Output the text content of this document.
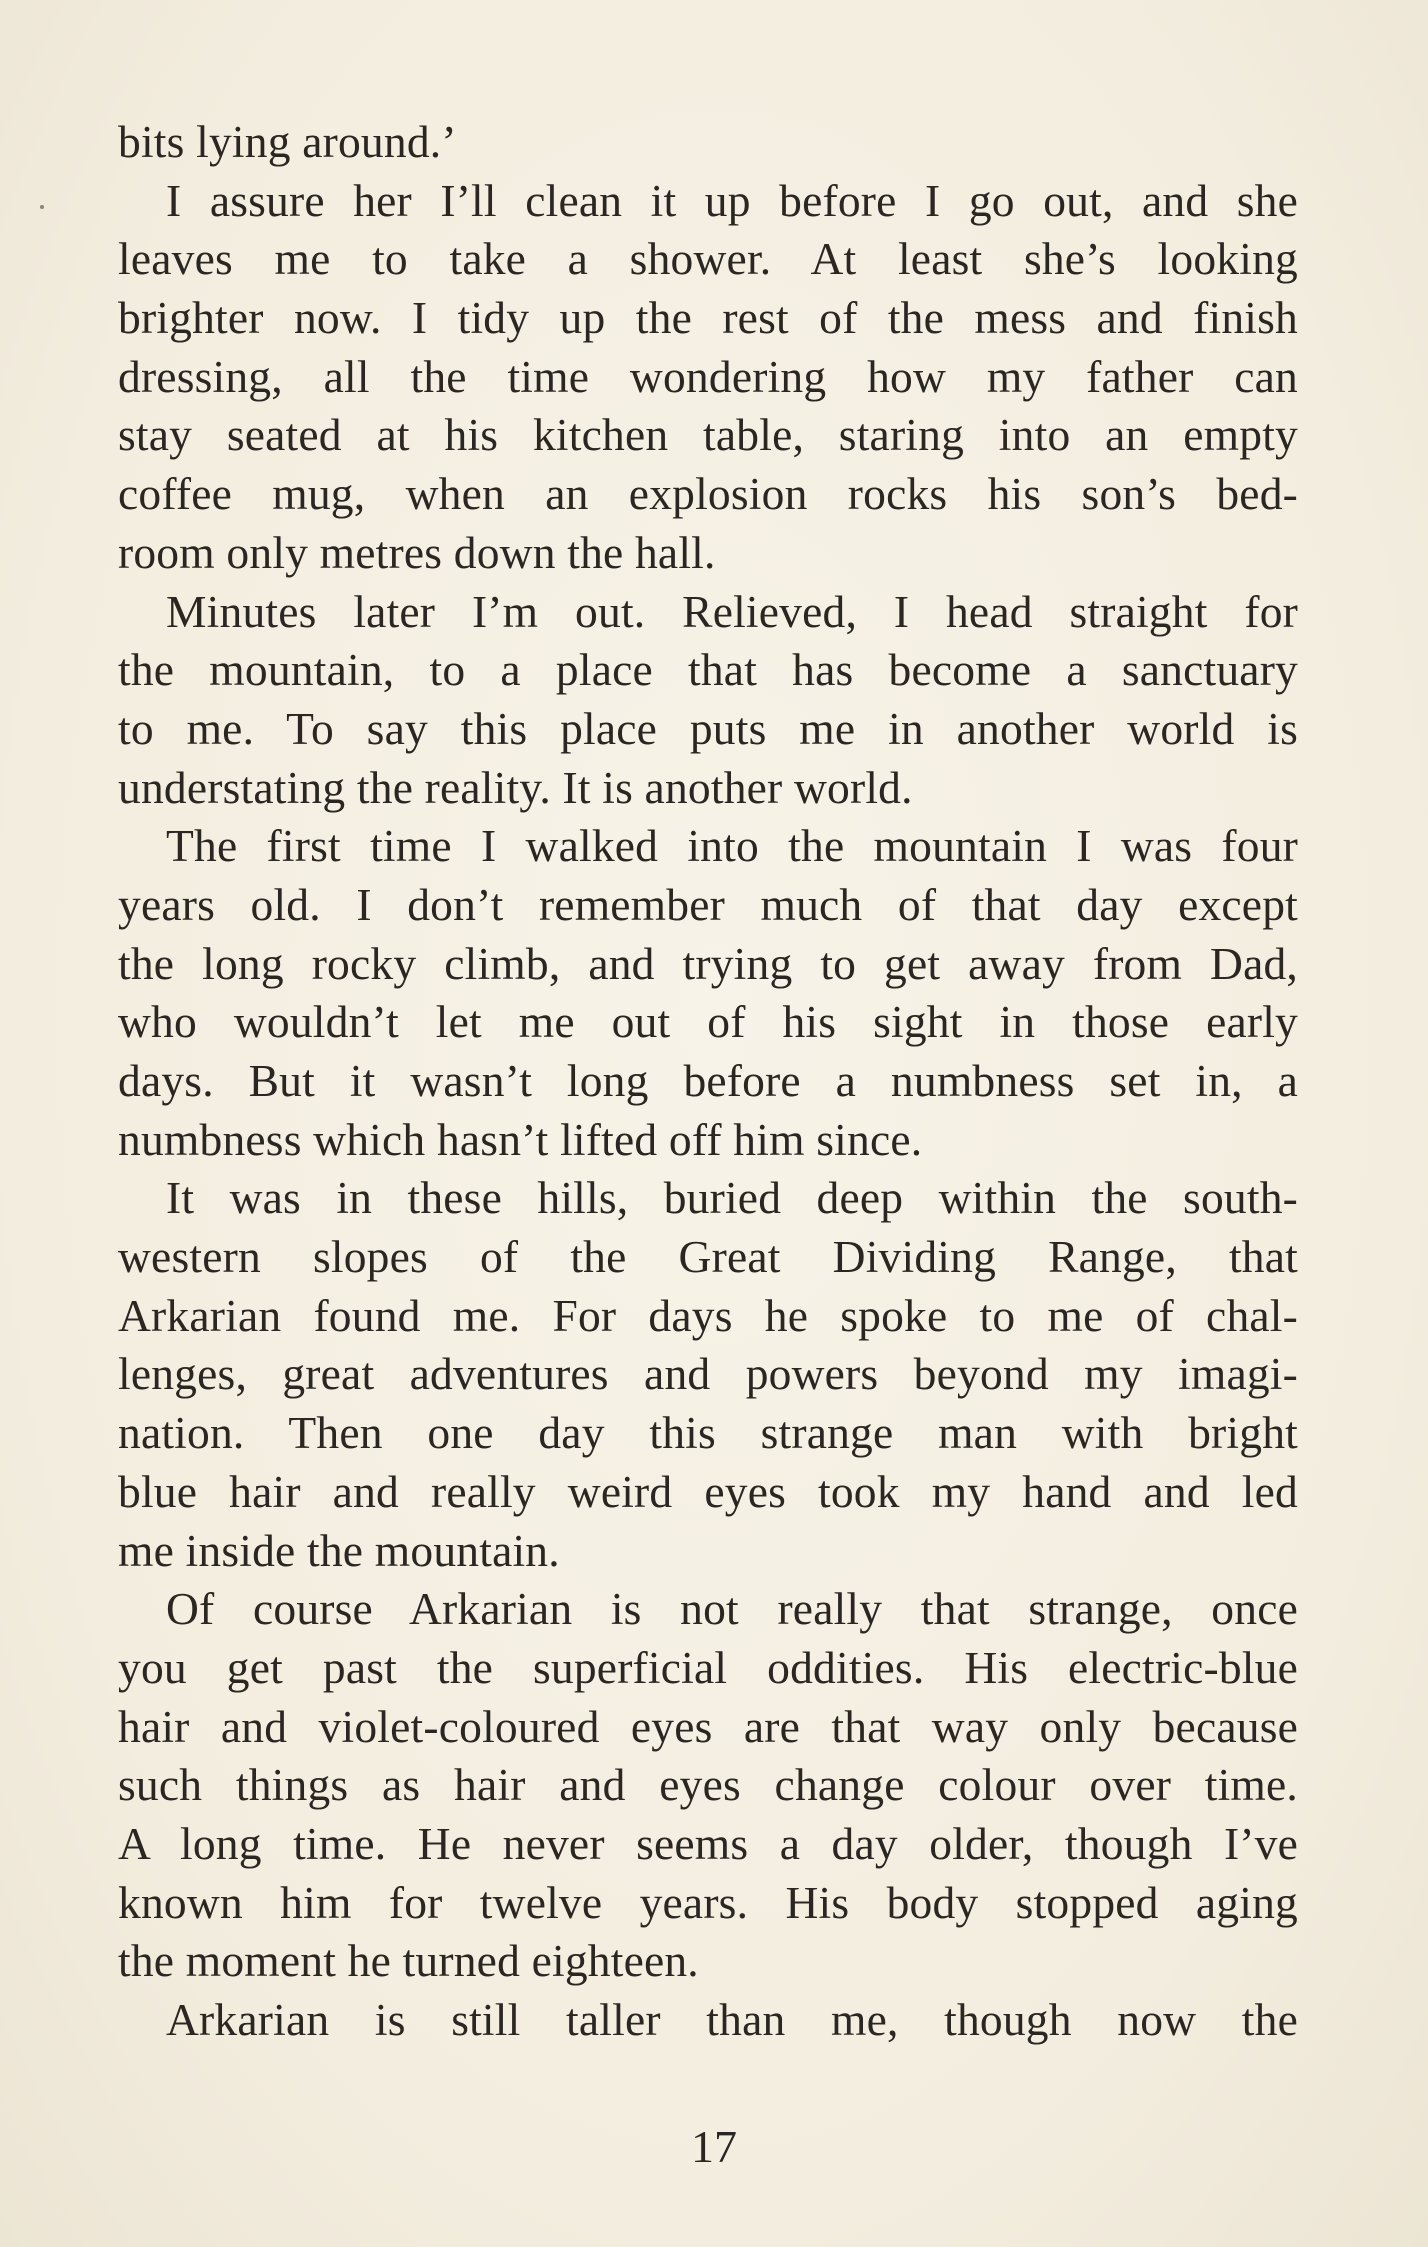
bits lying around.’
I assure her I’ll clean it up before I go out, and she
leaves me to take a shower. At least she’s looking
brighter now. I tidy up the rest of the mess and finish
dressing, all the time wondering how my father can
stay seated at his kitchen table, staring into an empty
coffee mug, when an explosion rocks his son’s bed-
room only metres down the hall.
Minutes later I’m out. Relieved, I head straight for
the mountain, to a place that has become a sanctuary
to me. To say this place puts me in another world is
understating the reality. It is another world.
The first time I walked into the mountain I was four
years old. I don’t remember much of that day except
the long rocky climb, and trying to get away from Dad,
who wouldn’t let me out of his sight in those early
days. But it wasn’t long before a numbness set in, a
numbness which hasn’t lifted off him since.
It was in these hills, buried deep within the south-
western slopes of the Great Dividing Range, that
Arkarian found me. For days he spoke to me of chal-
lenges, great adventures and powers beyond my imagi-
nation. Then one day this strange man with bright
blue hair and really weird eyes took my hand and led
me inside the mountain.
Of course Arkarian is not really that strange, once
you get past the superficial oddities. His electric-blue
hair and violet-coloured eyes are that way only because
such things as hair and eyes change colour over time.
A long time. He never seems a day older, though I’ve
known him for twelve years. His body stopped aging
the moment he turned eighteen.
Arkarian is still taller than me, though now the
17
